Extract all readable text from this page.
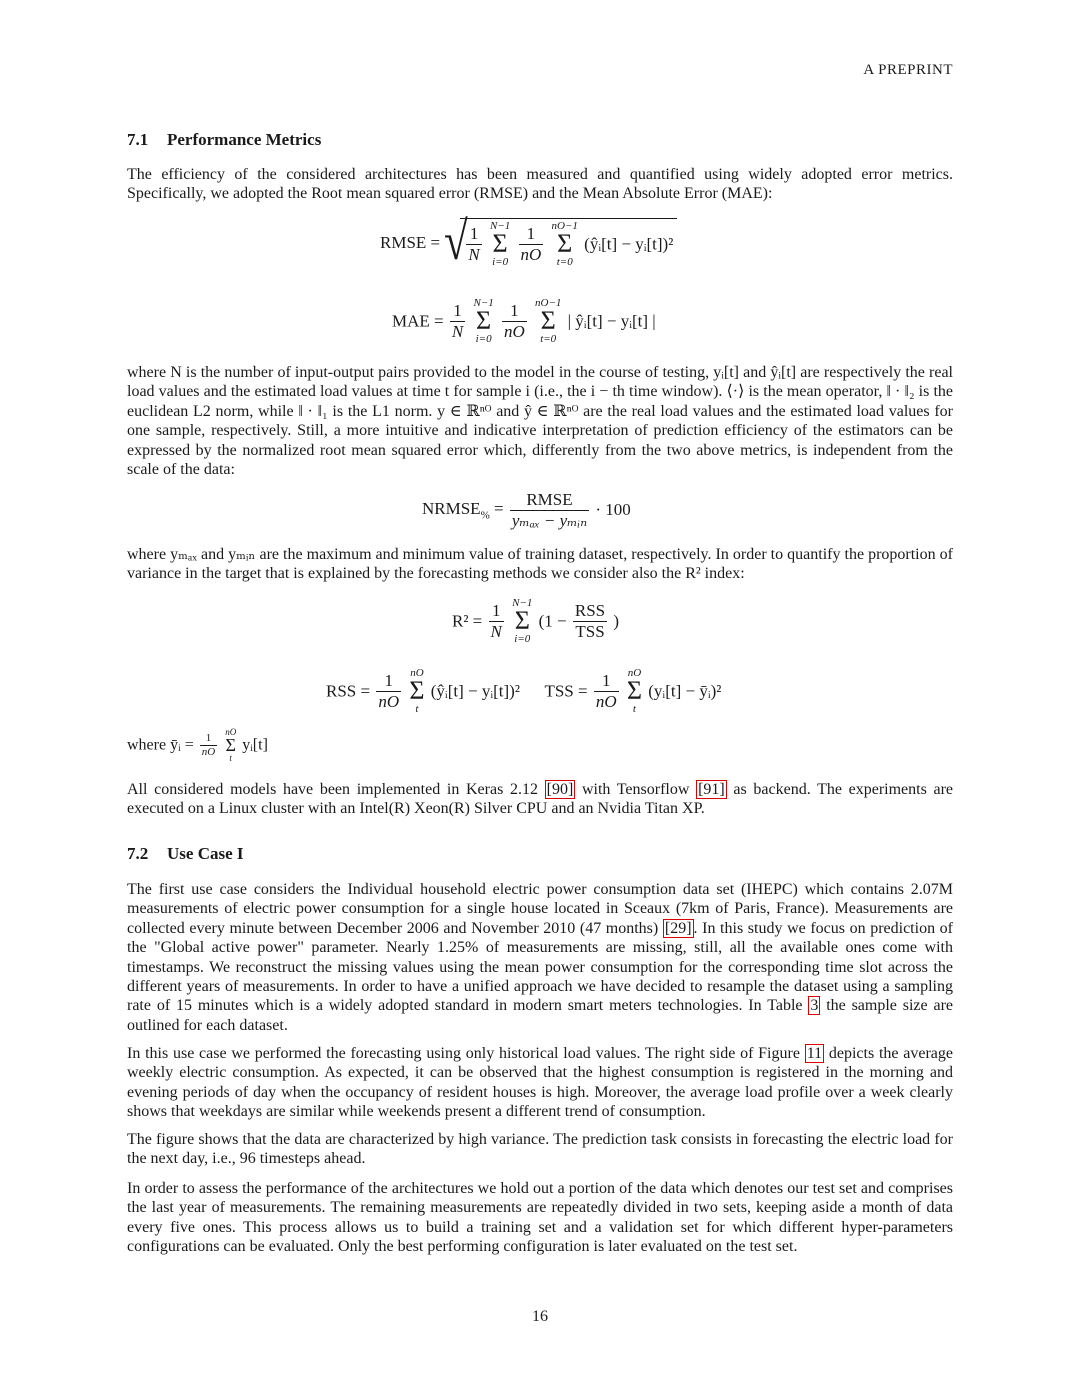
A PREPRINT
7.1 Performance Metrics
The efficiency of the considered architectures has been measured and quantified using widely adopted error metrics. Specifically, we adopted the Root mean squared error (RMSE) and the Mean Absolute Error (MAE):
RMSE = √
$\frac{1}{N}$
N−1
Σ
i=0
$\frac{1}{nO}$
nO−1
Σ
t=0
(ŷᵢ[t] − yᵢ[t])²
MAE = $\frac{1}{N}$
N−1
Σ
i=0
$\frac{1}{nO}$
nO−1
Σ
t=0
| ŷᵢ[t] − yᵢ[t] |
where N is the number of input-output pairs provided to the model in the course of testing, yᵢ[t] and ŷᵢ[t] are respectively the real load values and the estimated load values at time t for sample i (i.e., the i − th time window). ⟨·⟩ is the mean operator, ‖ · ‖₂ is the euclidean L2 norm, while ‖ · ‖₁ is the L1 norm. y ∈ ℝⁿᴼ and ŷ ∈ ℝⁿᴼ are the real load values and the estimated load values for one sample, respectively. Still, a more intuitive and indicative interpretation of prediction efficiency of the estimators can be expressed by the normalized root mean squared error which, differently from the two above metrics, is independent from the scale of the data:
$NRMSE_{\%} = \frac{\text{RMSE}}{\text{yₘₐₓ − yₘᵢₙ}} \cdot 100$
where yₘₐₓ and yₘᵢₙ are the maximum and minimum value of training dataset, respectively. In order to quantify the proportion of variance in the target that is explained by the forecasting methods we consider also the R² index:
$R^2 = \frac{1}{N}$
N−1
Σ
i=0
($1 - \frac{\text{RSS}}{\text{TSS}}$ )
RSS = $\frac{1}{nO}$
nO
Σ
t
(ŷᵢ[t] − yᵢ[t])² TSS = $\frac{1}{nO}$
nO
Σ
t
(yᵢ[t] − ȳᵢ)²
where ȳᵢ = $\frac{1}{nO}$

nO
Σ
t
yᵢ[t]
All considered models have been implemented in Keras 2.12 [90] with Tensorflow [91] as backend. The experiments are executed on a Linux cluster with an Intel(R) Xeon(R) Silver CPU and an Nvidia Titan XP.
7.2 Use Case I
The first use case considers the Individual household electric power consumption data set (IHEPC) which contains 2.07M measurements of electric power consumption for a single house located in Sceaux (7km of Paris, France). Measurements are collected every minute between December 2006 and November 2010 (47 months) [29] . In this study we focus on prediction of the "Global active power" parameter. Nearly 1.25% of measurements are missing, still, all the available ones come with timestamps. We reconstruct the missing values using the mean power consumption for the corresponding time slot across the different years of measurements. In order to have a unified approach we have decided to resample the dataset using a sampling rate of 15 minutes which is a widely adopted standard in modern smart meters technologies. In Table 3 the sample size are outlined for each dataset.
In this use case we performed the forecasting using only historical load values. The right side of Figure 11 depicts the average weekly electric consumption. As expected, it can be observed that the highest consumption is registered in the morning and evening periods of day when the occupancy of resident houses is high. Moreover, the average load profile over a week clearly shows that weekdays are similar while weekends present a different trend of consumption.
The figure shows that the data are characterized by high variance. The prediction task consists in forecasting the electric load for the next day, i.e., 96 timesteps ahead.
In order to assess the performance of the architectures we hold out a portion of the data which denotes our test set and comprises the last year of measurements. The remaining measurements are repeatedly divided in two sets, keeping aside a month of data every five ones. This process allows us to build a training set and a validation set for which different hyper-parameters configurations can be evaluated. Only the best performing configuration is later evaluated on the test set.
16
